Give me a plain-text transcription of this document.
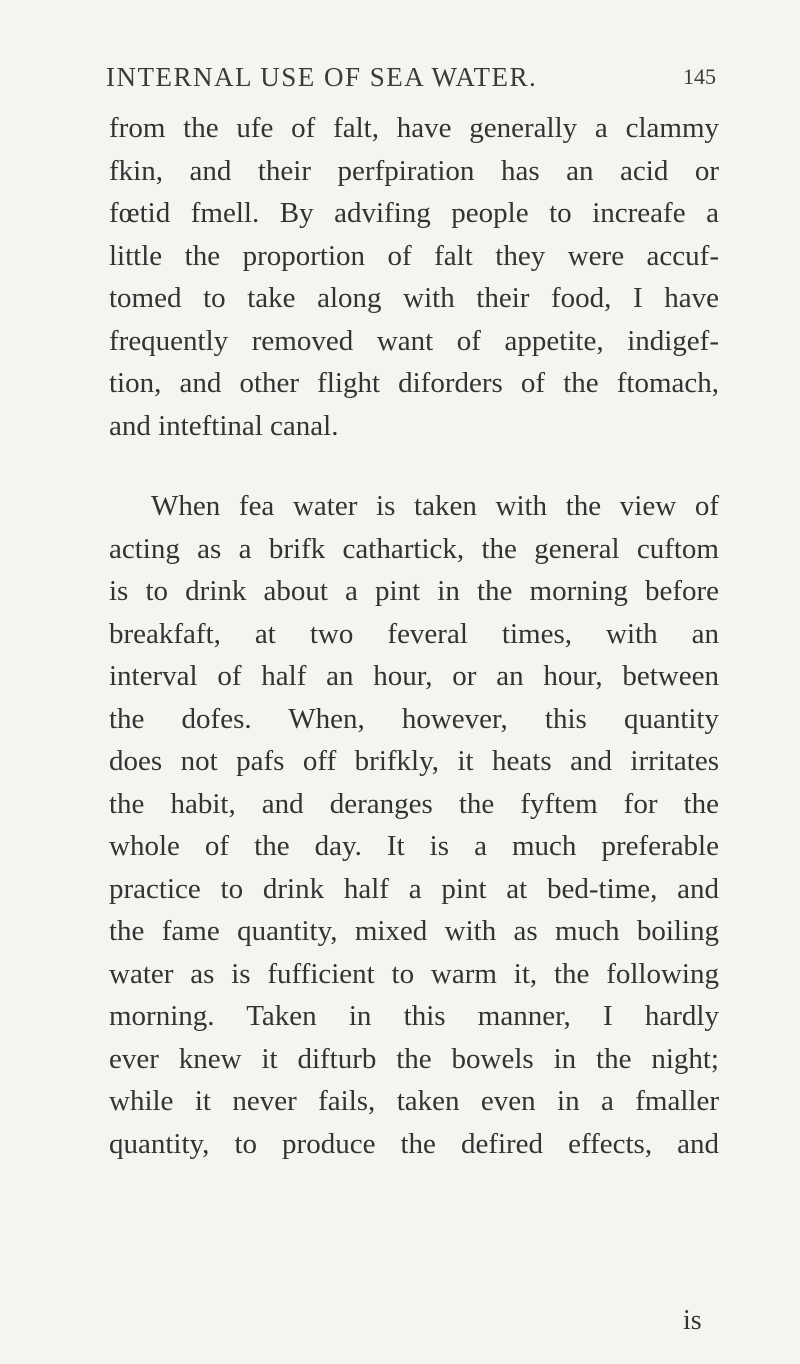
INTERNAL USE OF SEA WATER.	145
from the ufe of falt, have generally a clammy
fkin, and their perfpiration has an acid or
fœtid fmell. By advifing people to increafe a
little the proportion of falt they were accuf-
tomed to take along with their food, I have
frequently removed want of appetite, indigef-
tion, and other flight diforders of the ftomach,
and inteftinal canal.
When fea water is taken with the view of
acting as a brifk cathartick, the general cuftom
is to drink about a pint in the morning before
breakfaft, at two feveral times, with an
interval of half an hour, or an hour, between
the dofes. When, however, this quantity
does not pafs off brifkly, it heats and irritates
the habit, and deranges the fyftem for the
whole of the day. It is a much preferable
practice to drink half a pint at bed-time, and
the fame quantity, mixed with as much boiling
water as is fufficient to warm it, the following
morning. Taken in this manner, I hardly
ever knew it difturb the bowels in the night;
while it never fails, taken even in a fmaller
quantity, to produce the defired effects, and
is
